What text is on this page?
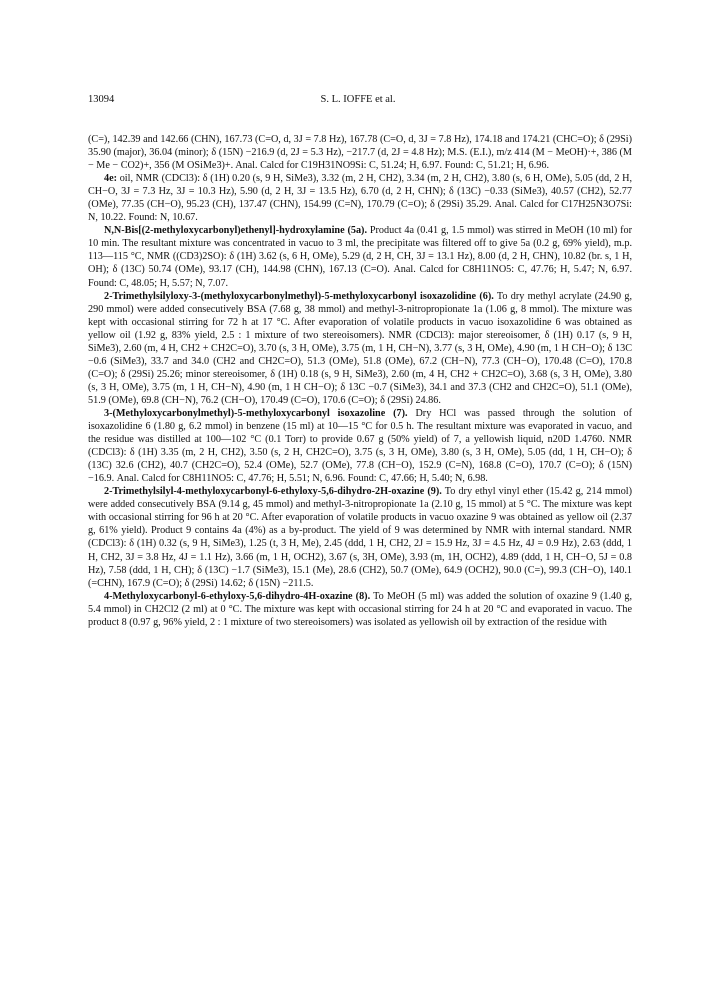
13094	S. L. IOFFE et al.

(C=), 142.39 and 142.66 (CHN), 167.73 (C=O, d, 3J = 7.8 Hz), 167.78 (C=O, d, 3J = 7.8 Hz), 174.18 and 174.21 (CHC=O); δ (29Si) 35.90 (major), 36.04 (minor); δ (15N) −216.9 (d, 2J = 5.3 Hz), −217.7 (d, 2J = 4.8 Hz); M.S. (E.I.), m/z 414 (M − MeOH)·+, 386 (M − Me − CO2)+, 356 (M OSiMe3)+. Anal. Calcd for C19H31NO9Si: C, 51.24; H, 6.97. Found: C, 51.21; H, 6.96.

4e: oil, NMR (CDCl3): δ (1H) 0.20 (s, 9 H, SiMe3), 3.32 (m, 2 H, CH2), 3.34 (m, 2 H, CH2), 3.80 (s, 6 H, OMe), 5.05 (dd, 2 H, CH−O, 3J = 7.3 Hz, 3J = 10.3 Hz), 5.90 (d, 2 H, 3J = 13.5 Hz), 6.70 (d, 2 H, CHN); δ (13C) −0.33 (SiMe3), 40.57 (CH2), 52.77 (OMe), 77.35 (CH−O), 95.23 (CH), 137.47 (CHN), 154.99 (C=N), 170.79 (C=O); δ (29Si) 35.29. Anal. Calcd for C17H25N3O7Si: N, 10.22. Found: N, 10.67.

N,N-Bis[(2-methyloxycarbonyl)ethenyl]-hydroxylamine (5a). Product 4a (0.41 g, 1.5 mmol) was stirred in MeOH (10 ml) for 10 min. The resultant mixture was concentrated in vacuo to 3 ml, the precipitate was filtered off to give 5a (0.2 g, 69% yield), m.p. 113—115 °C, NMR ((CD3)2SO): δ (1H) 3.62 (s, 6 H, OMe), 5.29 (d, 2 H, CH, 3J = 13.1 Hz), 8.00 (d, 2 H, CHN), 10.82 (br. s, 1 H, OH); δ (13C) 50.74 (OMe), 93.17 (CH), 144.98 (CHN), 167.13 (C=O). Anal. Calcd for C8H11NO5: C, 47.76; H, 5.47; N, 6.97. Found: C, 48.05; H, 5.57; N, 7.07.

2-Trimethylsilyloxy-3-(methyloxycarbonylmethyl)-5-methyloxycarbonyl isoxazolidine (6). To dry methyl acrylate (24.90 g, 290 mmol) were added consecutively BSA (7.68 g, 38 mmol) and methyl-3-nitropropionate 1a (1.06 g, 8 mmol). The mixture was kept with occasional stirring for 72 h at 17 °C. After evaporation of volatile products in vacuo isoxazolidine 6 was obtained as yellow oil (1.92 g, 83% yield, 2.5 : 1 mixture of two stereoisomers). NMR (CDCl3): major stereoisomer, δ (1H) 0.17 (s, 9 H, SiMe3), 2.60 (m, 4 H, CH2 + CH2C=O), 3.70 (s, 3 H, OMe), 3.75 (m, 1 H, CH−N), 3.77 (s, 3 H, OMe), 4.90 (m, 1 H CH−O); δ 13C −0.6 (SiMe3), 33.7 and 34.0 (CH2 and CH2C=O), 51.3 (OMe), 51.8 (OMe), 67.2 (CH−N), 77.3 (CH−O), 170.48 (C=O), 170.8 (C=O); δ (29Si) 25.26; minor stereoisomer, δ (1H) 0.18 (s, 9 H, SiMe3), 2.60 (m, 4 H, CH2 + CH2C=O), 3.68 (s, 3 H, OMe), 3.80 (s, 3 H, OMe), 3.75 (m, 1 H, CH−N), 4.90 (m, 1 H CH−O); δ 13C −0.7 (SiMe3), 34.1 and 37.3 (CH2 and CH2C=O), 51.1 (OMe), 51.9 (OMe), 69.8 (CH−N), 76.2 (CH−O), 170.49 (C=O), 170.6 (C=O); δ (29Si) 24.86.

3-(Methyloxycarbonylmethyl)-5-methyloxycarbonyl isoxazoline (7). Dry HCl was passed through the solution of isoxazolidine 6 (1.80 g, 6.2 mmol) in benzene (15 ml) at 10—15 °C for 0.5 h. The resultant mixture was evaporated in vacuo, and the residue was distilled at 100—102 °C (0.1 Torr) to provide 0.67 g (50% yield) of 7, a yellowish liquid, n20D 1.4760. NMR (CDCl3): δ (1H) 3.35 (m, 2 H, CH2), 3.50 (s, 2 H, CH2C=O), 3.75 (s, 3 H, OMe), 3.80 (s, 3 H, OMe), 5.05 (dd, 1 H, CH−O); δ (13C) 32.6 (CH2), 40.7 (CH2C=O), 52.4 (OMe), 52.7 (OMe), 77.8 (CH−O), 152.9 (C=N), 168.8 (C=O), 170.7 (C=O); δ (15N) −16.9. Anal. Calcd for C8H11NO5: C, 47.76; H, 5.51; N, 6.96. Found: C, 47.66; H, 5.40; N, 6.98.

2-Trimethylsilyl-4-methyloxycarbonyl-6-ethyloxy-5,6-dihydro-2H-oxazine (9). To dry ethyl vinyl ether (15.42 g, 214 mmol) were added consecutively BSA (9.14 g, 45 mmol) and methyl-3-nitropropionate 1a (2.10 g, 15 mmol) at 5 °C. The mixture was kept with occasional stirring for 96 h at 20 °C. After evaporation of volatile products in vacuo oxazine 9 was obtained as yellow oil (2.37 g, 61% yield). Product 9 contains 4a (4%) as a by-product. The yield of 9 was determined by NMR with internal standard. NMR (CDCl3): δ (1H) 0.32 (s, 9 H, SiMe3), 1.25 (t, 3 H, Me), 2.45 (ddd, 1 H, CH2, 2J = 15.9 Hz, 3J = 4.5 Hz, 4J = 0.9 Hz), 2.63 (ddd, 1 H, CH2, 3J = 3.8 Hz, 4J = 1.1 Hz), 3.66 (m, 1 H, OCH2), 3.67 (s, 3H, OMe), 3.93 (m, 1H, OCH2), 4.89 (ddd, 1 H, CH−O, 5J = 0.8 Hz), 7.58 (ddd, 1 H, CH); δ (13C) −1.7 (SiMe3), 15.1 (Me), 28.6 (CH2), 50.7 (OMe), 64.9 (OCH2), 90.0 (C=), 99.3 (CH−O), 140.1 (=CHN), 167.9 (C=O); δ (29Si) 14.62; δ (15N) −211.5.

4-Methyloxycarbonyl-6-ethyloxy-5,6-dihydro-4H-oxazine (8). To MeOH (5 ml) was added the solution of oxazine 9 (1.40 g, 5.4 mmol) in CH2Cl2 (2 ml) at 0 °C. The mixture was kept with occasional stirring for 24 h at 20 °C and evaporated in vacuo. The product 8 (0.97 g, 96% yield, 2 : 1 mixture of two stereoisomers) was isolated as yellowish oil by extraction of the residue with
